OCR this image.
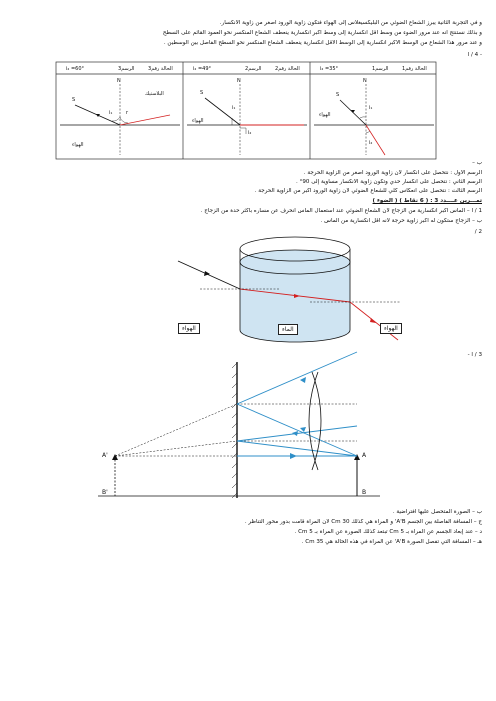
و في التجربة الثانية يبرز الشعاع الضوئي من البليكسيغلاس إلى الهواء فتكون زاوية الورود أصغر من زاوية الانكسار.
و بذلك نستنتج أنه عند مرور الضوء من وسط أقل انكسارية إلى وسط أكبر انكسارية ينعطف الشعاع المنكسر نحو العمود القائم على السطح
و عند مرور هذا الشعاع من الوسط الأكبر انكسارية إلى الوسط الأقل انكسارية ينعطف الشعاع المنكسر نحو السطح الفاصل بين الوسطين .
- 4 / أ
الحالة رقم3
الرسم3
i₂ =60°	الحالة رقم2
الرسم2
i₂ =49°	الحالة رقم1
الرسم1
i₂ =35°
N
S
البلاستيك
الهواء
i₁	r
N
S
الهواء
i₁
i₂
N
S
الهواء
i₁
i₂
ب –
الرسم الأول : نتحصل على انكسار لأن زاوية الورود أصغر من الزاوية الحرجة .
الرسم الثاني : نتحصل على انكسار حدي وتكون زاوية الانكسار مساوية إلى 90° .
الرسم الثالث : نتحصل على انعكاس كلي للشعاع الضوئي لأن زاوية الورود أكبر من الزاوية الحرجة .
تمـــرين عــــدد 3 : ( 6 نقاط ) ( الضوء )
1 / أ – الماس أكبر انكسارية من الزجاج لأن الشعاع الضوئي عند استعمال الماس انحرف عن مساره بأكثر حدة من الزجاج .
ب – الزجاج ستكون له أكبر زاوية حرجة لأنه أقل انكسارية من الماس .
2 /
الهواء	الماء	الهواء
3 / أ -
A'
B'
A
B
ب – الصورة المتحصل عليها افتراضية .
ج – المسافة الفاصلة بين الجسم A'B' و المرآة هي كذلك 30 Cm لأن المرآة قامت بدور محور التناظر .
د – عند إبعاد الجسم عن المرآة بـ 5 Cm تبتعد كذلك الصورة عن المرآة بـ 5 Cm .
هـ – المسافة التي تفصل الصورة A'B' عن المرآة في هذه الحالة هي 35 Cm .
